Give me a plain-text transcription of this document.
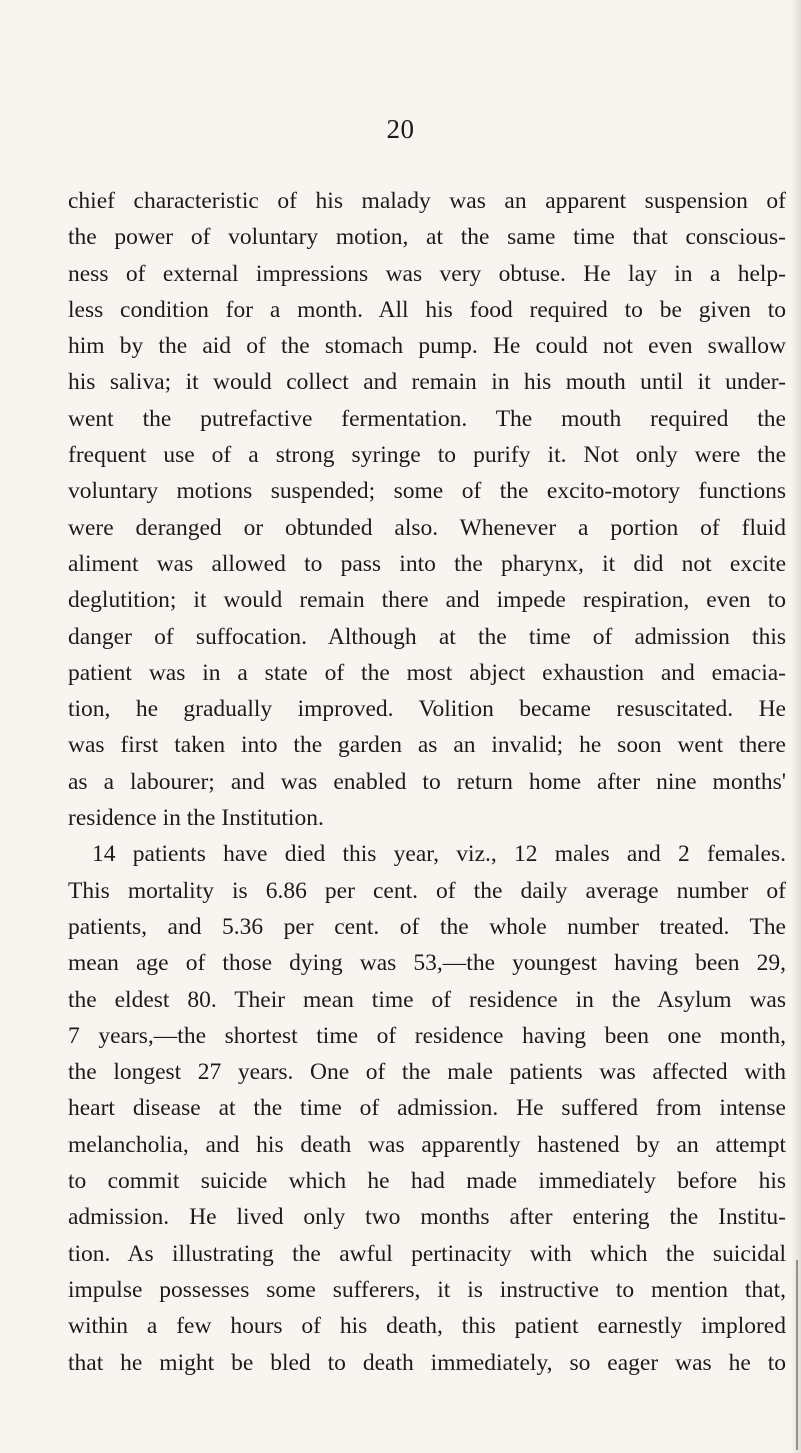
20
chief characteristic of his malady was an apparent suspension of
the power of voluntary motion, at the same time that conscious-
ness of external impressions was very obtuse. He lay in a help-
less condition for a month. All his food required to be given to
him by the aid of the stomach pump. He could not even swallow
his saliva; it would collect and remain in his mouth until it under-
went the putrefactive fermentation. The mouth required the
frequent use of a strong syringe to purify it. Not only were the
voluntary motions suspended; some of the excito-motory functions
were deranged or obtunded also. Whenever a portion of fluid
aliment was allowed to pass into the pharynx, it did not excite
deglutition; it would remain there and impede respiration, even to
danger of suffocation. Although at the time of admission this
patient was in a state of the most abject exhaustion and emacia-
tion, he gradually improved. Volition became resuscitated. He
was first taken into the garden as an invalid; he soon went there
as a labourer; and was enabled to return home after nine months'
residence in the Institution.
14 patients have died this year, viz., 12 males and 2 females.
This mortality is 6.86 per cent. of the daily average number of
patients, and 5.36 per cent. of the whole number treated. The
mean age of those dying was 53,—the youngest having been 29,
the eldest 80. Their mean time of residence in the Asylum was
7 years,—the shortest time of residence having been one month,
the longest 27 years. One of the male patients was affected with
heart disease at the time of admission. He suffered from intense
melancholia, and his death was apparently hastened by an attempt
to commit suicide which he had made immediately before his
admission. He lived only two months after entering the Institu-
tion. As illustrating the awful pertinacity with which the suicidal
impulse possesses some sufferers, it is instructive to mention that,
within a few hours of his death, this patient earnestly implored
that he might be bled to death immediately, so eager was he to
